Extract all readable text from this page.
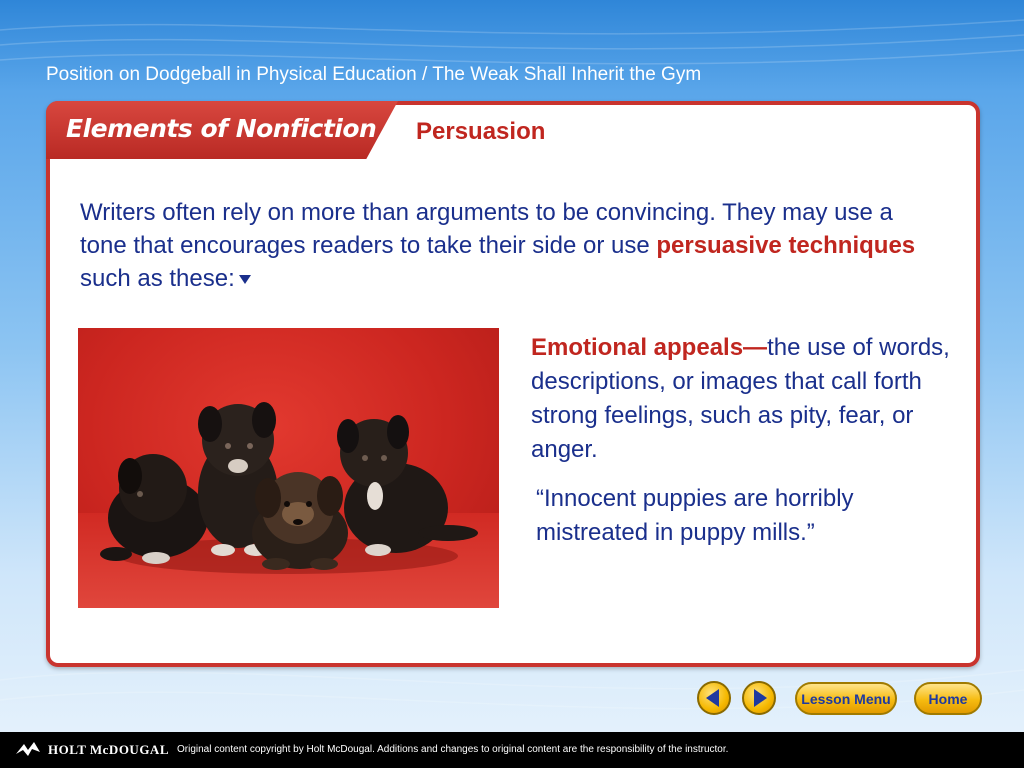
Position on Dodgeball in Physical Education / The Weak Shall Inherit the Gym
Elements of Nonfiction Persuasion
Writers often rely on more than arguments to be convincing. They may use a tone that encourages readers to take their side or use persuasive techniques such as these:
Emotional appeals—the use of words, descriptions, or images that call forth strong feelings, such as pity, fear, or anger.
“Innocent puppies are horribly mistreated in puppy mills.”
Lesson Menu	Home
HOLT McDOUGAL Original content copyright by Holt McDougal. Additions and changes to original content are the responsibility of the instructor.
